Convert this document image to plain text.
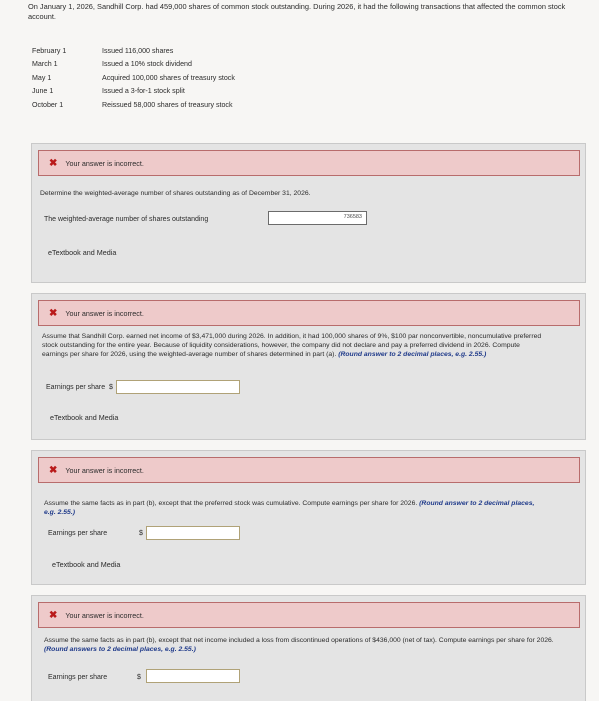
On January 1, 2026, Sandhill Corp. had 459,000 shares of common stock outstanding. During 2026, it had the following transactions that affected the common stock account.
February 1	Issued 116,000 shares
March 1	Issued a 10% stock dividend
May 1	Acquired 100,000 shares of treasury stock
June 1	Issued a 3-for-1 stock split
October 1	Reissued 58,000 shares of treasury stock
✖ Your answer is incorrect.
Determine the weighted-average number of shares outstanding as of December 31, 2026.
The weighted-average number of shares outstanding	736583
eTextbook and Media
✖ Your answer is incorrect.
Assume that Sandhill Corp. earned net income of $3,471,000 during 2026. In addition, it had 100,000 shares of 9%, $100 par nonconvertible, noncumulative preferred stock outstanding for the entire year. Because of liquidity considerations, however, the company did not declare and pay a preferred dividend in 2026. Compute earnings per share for 2026, using the weighted-average number of shares determined in part (a). (Round answer to 2 decimal places, e.g. 2.55.)
Earnings per share $
eTextbook and Media
✖ Your answer is incorrect.
Assume the same facts as in part (b), except that the preferred stock was cumulative. Compute earnings per share for 2026. (Round answer to 2 decimal places, e.g. 2.55.)
Earnings per share	$
eTextbook and Media
✖ Your answer is incorrect.
Assume the same facts as in part (b), except that net income included a loss from discontinued operations of $436,000 (net of tax). Compute earnings per share for 2026. (Round answers to 2 decimal places, e.g. 2.55.)
Earnings per share	$
